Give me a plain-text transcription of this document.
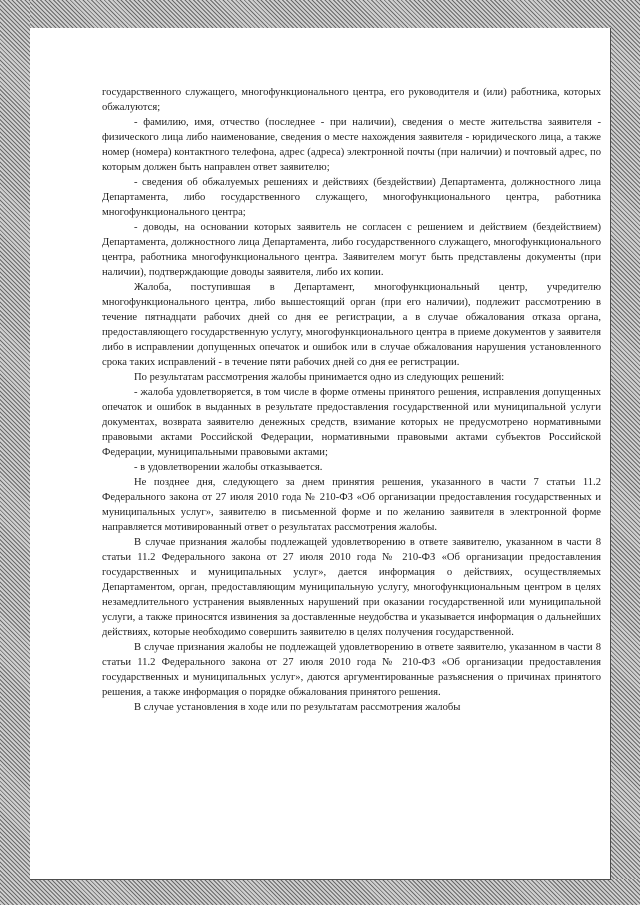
государственного служащего, многофункционального центра, его руководителя и (или) работника, которых обжалуются;

- фамилию, имя, отчество (последнее - при наличии), сведения о месте жительства заявителя - физического лица либо наименование, сведения о месте нахождения заявителя - юридического лица, а также номер (номера) контактного телефона, адрес (адреса) электронной почты (при наличии) и почтовый адрес, по которым должен быть направлен ответ заявителю;

- сведения об обжалуемых решениях и действиях (бездействии) Департамента, должностного лица Департамента, либо государственного служащего, многофункционального центра, работника многофункционального центра;

- доводы, на основании которых заявитель не согласен с решением и действием (бездействием) Департамента, должностного лица Департамента, либо государственного служащего, многофункционального центра, работника многофункционального центра. Заявителем могут быть представлены документы (при наличии), подтверждающие доводы заявителя, либо их копии.

Жалоба, поступившая в Департамент, многофункциональный центр, учредителю многофункционального центра, либо вышестоящий орган (при его наличии), подлежит рассмотрению в течение пятнадцати рабочих дней со дня ее регистрации, а в случае обжалования отказа органа, предоставляющего государственную услугу, многофункционального центра в приеме документов у заявителя либо в исправлении допущенных опечаток и ошибок или в случае обжалования нарушения установленного срока таких исправлений - в течение пяти рабочих дней со дня ее регистрации.

По результатам рассмотрения жалобы принимается одно из следующих решений:

- жалоба удовлетворяется, в том числе в форме отмены принятого решения, исправления допущенных опечаток и ошибок в выданных в результате предоставления государственной или муниципальной услуги документах, возврата заявителю денежных средств, взимание которых не предусмотрено нормативными правовыми актами Российской Федерации, нормативными правовыми актами субъектов Российской Федерации, муниципальными правовыми актами;

- в удовлетворении жалобы отказывается.

Не позднее дня, следующего за днем принятия решения, указанного в части 7 статьи 11.2 Федерального закона от 27 июля 2010 года № 210-ФЗ «Об организации предоставления государственных и муниципальных услуг», заявителю в письменной форме и по желанию заявителя в электронной форме направляется мотивированный ответ о результатах рассмотрения жалобы.

В случае признания жалобы подлежащей удовлетворению в ответе заявителю, указанном в части 8 статьи 11.2 Федерального закона от 27 июля 2010 года № 210-ФЗ «Об организации предоставления государственных и муниципальных услуг», дается информация о действиях, осуществляемых Департаментом, орган, предоставляющим муниципальную услугу, многофункциональным центром в целях незамедлительного устранения выявленных нарушений при оказании государственной или муниципальной услуги, а также приносятся извинения за доставленные неудобства и указывается информация о дальнейших действиях, которые необходимо совершить заявителю в целях получения государственной.

В случае признания жалобы не подлежащей удовлетворению в ответе заявителю, указанном в части 8 статьи 11.2 Федерального закона от 27 июля 2010 года № 210-ФЗ «Об организации предоставления государственных и муниципальных услуг», даются аргументированные разъяснения о причинах принятого решения, а также информация о порядке обжалования принятого решения.

В случае установления в ходе или по результатам рассмотрения жалобы
